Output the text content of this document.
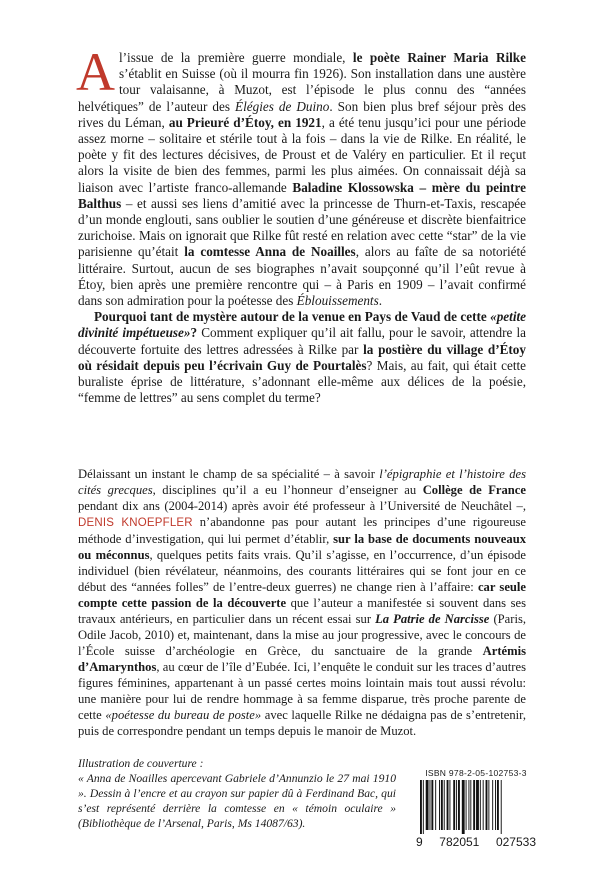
A l’issue de la première guerre mondiale, le poète Rainer Maria Rilke s’établit en Suisse (où il mourra fin 1926). Son installation dans une austère tour valaisanne, à Muzot, est l’épisode le plus connu des “années helvétiques” de l’auteur des Élégies de Duino. Son bien plus bref séjour près des rives du Léman, au Prieuré d’Étoy, en 1921, a été tenu jusqu’ici pour une période assez morne – solitaire et stérile tout à la fois – dans la vie de Rilke. En réalité, le poète y fit des lectures décisives, de Proust et de Valéry en particulier. Et il reçut alors la visite de bien des femmes, parmi les plus aimées. On connaissait déjà sa liaison avec l’artiste franco-allemande Baladine Klossowska – mère du peintre Balthus – et aussi ses liens d’amitié avec la princesse de Thurn-et-Taxis, rescapée d’un monde englouti, sans oublier le soutien d’une généreuse et discrète bienfaitrice zurichoise. Mais on ignorait que Rilke fût resté en relation avec cette “star” de la vie parisienne qu’était la comtesse Anna de Noailles, alors au faîte de sa notoriété littéraire. Surtout, aucun de ses biographes n’avait soupçonné qu’il l’eût revue à Étoy, bien après une première rencontre qui – à Paris en 1909 – l’avait confirmé dans son admiration pour la poétesse des Éblouissements.

Pourquoi tant de mystère autour de la venue en Pays de Vaud de cette «petite divinité impétueuse»? Comment expliquer qu’il ait fallu, pour le savoir, attendre la découverte fortuite des lettres adressées à Rilke par la postière du village d’Étoy où résidait depuis peu l’écrivain Guy de Pourtalès? Mais, au fait, qui était cette buraliste éprise de littérature, s’adonnant elle-même aux délices de la poésie, “femme de lettres” au sens complet du terme?

Délaissant un instant le champ de sa spécialité – à savoir l’épigraphie et l’histoire des cités grecques, disciplines qu’il a eu l’honneur d’enseigner au Collège de France pendant dix ans (2004-2014) après avoir été professeur à l’Université de Neuchâtel –, DENIS KNOEPFLER n’abandonne pas pour autant les principes d’une rigoureuse méthode d’investigation, qui lui permet d’établir, sur la base de documents nouveaux ou méconnus, quelques petits faits vrais. Qu’il s’agisse, en l’occurrence, d’un épisode individuel (bien révélateur, néanmoins, des courants littéraires qui se font jour en ce début des “années folles” de l’entre-deux guerres) ne change rien à l’affaire: car seule compte cette passion de la découverte que l’auteur a manifestée si souvent dans ses travaux antérieurs, en particulier dans un récent essai sur La Patrie de Narcisse (Paris, Odile Jacob, 2010) et, maintenant, dans la mise au jour progressive, avec le concours de l’École suisse d’archéologie en Grèce, du sanctuaire de la grande Artémis d’Amarynthos, au cœur de l’île d’Eubée. Ici, l’enquête le conduit sur les traces d’autres figures féminines, appartenant à un passé certes moins lointain mais tout aussi révolu: une manière pour lui de rendre hommage à sa femme disparue, très proche parente de cette «poétesse du bureau de poste» avec laquelle Rilke ne dédaigna pas de s’entretenir, puis de correspondre pendant un temps depuis le manoir de Muzot.

Illustration de couverture :

« Anna de Noailles apercevant Gabriele d’Annunzio le 27 mai 1910 ». Dessin à l’encre et au crayon sur papier dû à Ferdinand Bac, qui s’est représenté derrière la comtesse en « témoin oculaire » (Bibliothèque de l’Arsenal, Paris, Ms 14087/63).

ISBN 978-2-05-102753-3
9 782051 027533
